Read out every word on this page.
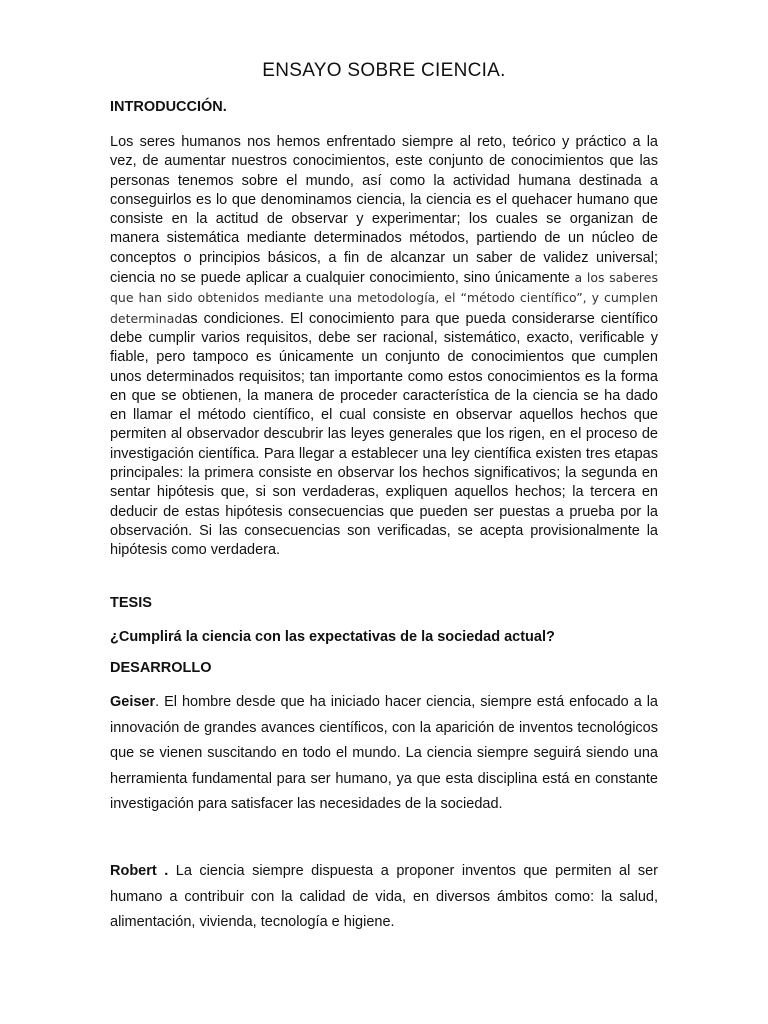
ENSAYO SOBRE CIENCIA.
INTRODUCCIÓN.
Los seres humanos nos hemos enfrentado siempre al reto, teórico y práctico a la vez, de aumentar nuestros conocimientos, este conjunto de conocimientos que las personas tenemos sobre el mundo, así como la actividad humana destinada a conseguirlos es lo que denominamos ciencia, la ciencia es el quehacer humano que consiste en la actitud de observar y experimentar; los cuales se organizan de manera sistemática mediante determinados métodos, partiendo de un núcleo de conceptos o principios básicos, a fin de alcanzar un saber de validez universal; ciencia no se puede aplicar a cualquier conocimiento, sino únicamente a los saberes que han sido obtenidos mediante una metodología, el “método científico”, y cumplen determinadas condiciones. El conocimiento para que pueda considerarse científico debe cumplir varios requisitos, debe ser racional, sistemático, exacto, verificable y fiable, pero tampoco es únicamente un conjunto de conocimientos que cumplen unos determinados requisitos; tan importante como estos conocimientos es la forma en que se obtienen, la manera de proceder característica de la ciencia se ha dado en llamar el método científico, el cual consiste en observar aquellos hechos que permiten al observador descubrir las leyes generales que los rigen, en el proceso de investigación científica. Para llegar a establecer una ley científica existen tres etapas principales: la primera consiste en observar los hechos significativos; la segunda en sentar hipótesis que, si son verdaderas, expliquen aquellos hechos; la tercera en deducir de estas hipótesis consecuencias que pueden ser puestas a prueba por la observación. Si las consecuencias son verificadas, se acepta provisionalmente la hipótesis como verdadera.
TESIS
¿Cumplirá la ciencia con las expectativas de la sociedad actual?
DESARROLLO
Geiser. El hombre desde que ha iniciado hacer ciencia, siempre está enfocado a la innovación de grandes avances científicos, con la aparición de inventos tecnológicos que se vienen suscitando en todo el mundo. La ciencia siempre seguirá siendo una herramienta fundamental para ser humano, ya que esta disciplina está en constante investigación para satisfacer las necesidades de la sociedad.
Robert . La ciencia siempre dispuesta a proponer inventos que permiten al ser humano a contribuir con la calidad de vida, en diversos ámbitos como: la salud, alimentación, vivienda, tecnología e higiene.
